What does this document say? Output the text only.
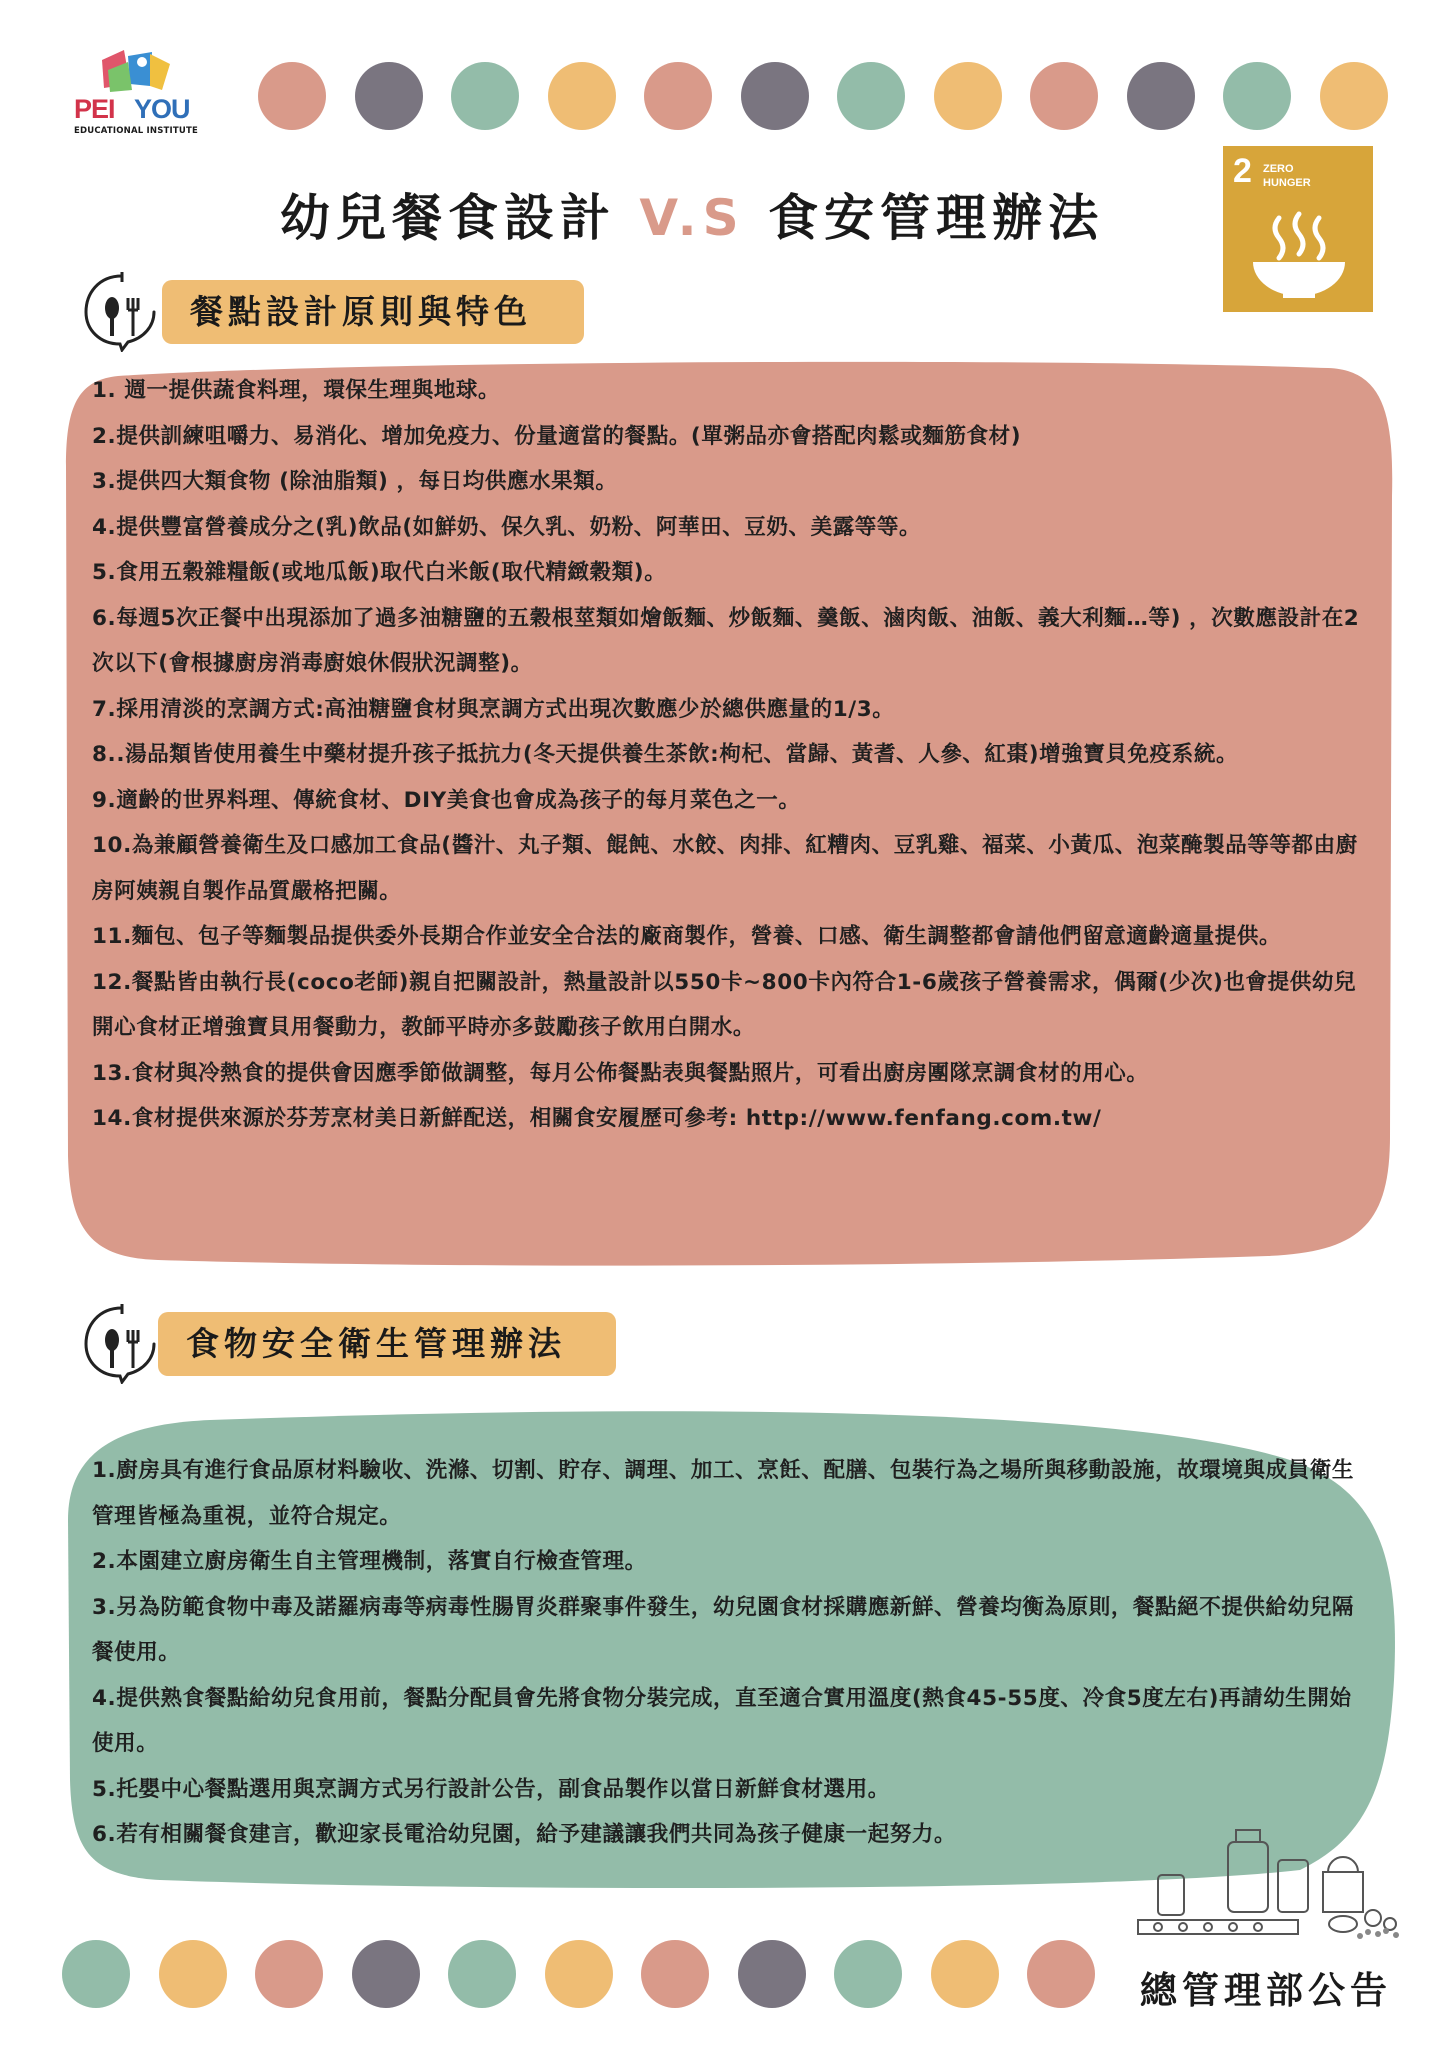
PEI YOU
EDUCATIONAL INSTITUTE
幼兒餐食設計 V.S 食安管理辦法
2 ZERO
HUNGER
餐點設計原則與特色

1. 週一提供蔬食料理，環保生理與地球。

2.提供訓練咀嚼力、易消化、增加免疫力、份量適當的餐點。(單粥品亦會搭配肉鬆或麵筋食材)

3.提供四大類食物 (除油脂類) ，每日均供應水果類。

4.提供豐富營養成分之(乳)飲品(如鮮奶、保久乳、奶粉、阿華田、豆奶、美露等等。

5.食用五穀雜糧飯(或地瓜飯)取代白米飯(取代精緻穀類)。

6.每週5次正餐中出現添加了過多油糖鹽的五穀根莖類如燴飯麵、炒飯麵、羹飯、滷肉飯、油飯、義大利麵…等) ，次數應設計在2次以下(會根據廚房消毒廚娘休假狀況調整)。

7.採用清淡的烹調方式:高油糖鹽食材與烹調方式出現次數應少於總供應量的1/3。

8..湯品類皆使用養生中藥材提升孩子抵抗力(冬天提供養生茶飲:枸杞、當歸、黃耆、人參、紅棗)增強寶貝免疫系統。

9.適齡的世界料理、傳統食材、DIY美食也會成為孩子的每月菜色之一。

10.為兼顧營養衛生及口感加工食品(醬汁、丸子類、餛飩、水餃、肉排、紅糟肉、豆乳雞、福菜、小黃瓜、泡菜醃製品等等都由廚房阿姨親自製作品質嚴格把關。

11.麵包、包子等麵製品提供委外長期合作並安全合法的廠商製作，營養、口感、衛生調整都會請他們留意適齡適量提供。

12.餐點皆由執行長(coco老師)親自把關設計，熱量設計以550卡~800卡內符合1-6歲孩子營養需求，偶爾(少次)也會提供幼兒開心食材正增強寶貝用餐動力，教師平時亦多鼓勵孩子飲用白開水。

13.食材與冷熱食的提供會因應季節做調整，每月公佈餐點表與餐點照片，可看出廚房團隊烹調食材的用心。

14.食材提供來源於芬芳烹材美日新鮮配送，相關食安履歷可參考: http://www.fenfang.com.tw/

食物安全衛生管理辦法

1.廚房具有進行食品原材料驗收、洗滌、切割、貯存、調理、加工、烹飪、配膳、包裝行為之場所與移動設施，故環境與成員衛生管理皆極為重視，並符合規定。

2.本園建立廚房衛生自主管理機制，落實自行檢查管理。

3.另為防範食物中毒及諾羅病毒等病毒性腸胃炎群聚事件發生，幼兒園食材採購應新鮮、營養均衡為原則，餐點絕不提供給幼兒隔餐使用。

4.提供熟食餐點給幼兒食用前，餐點分配員會先將食物分裝完成，直至適合實用溫度(熱食45-55度、冷食5度左右)再請幼生開始使用。

5.托嬰中心餐點選用與烹調方式另行設計公告，副食品製作以當日新鮮食材選用。

6.若有相關餐食建言，歡迎家長電洽幼兒園，給予建議讓我們共同為孩子健康一起努力。

總管理部公告
